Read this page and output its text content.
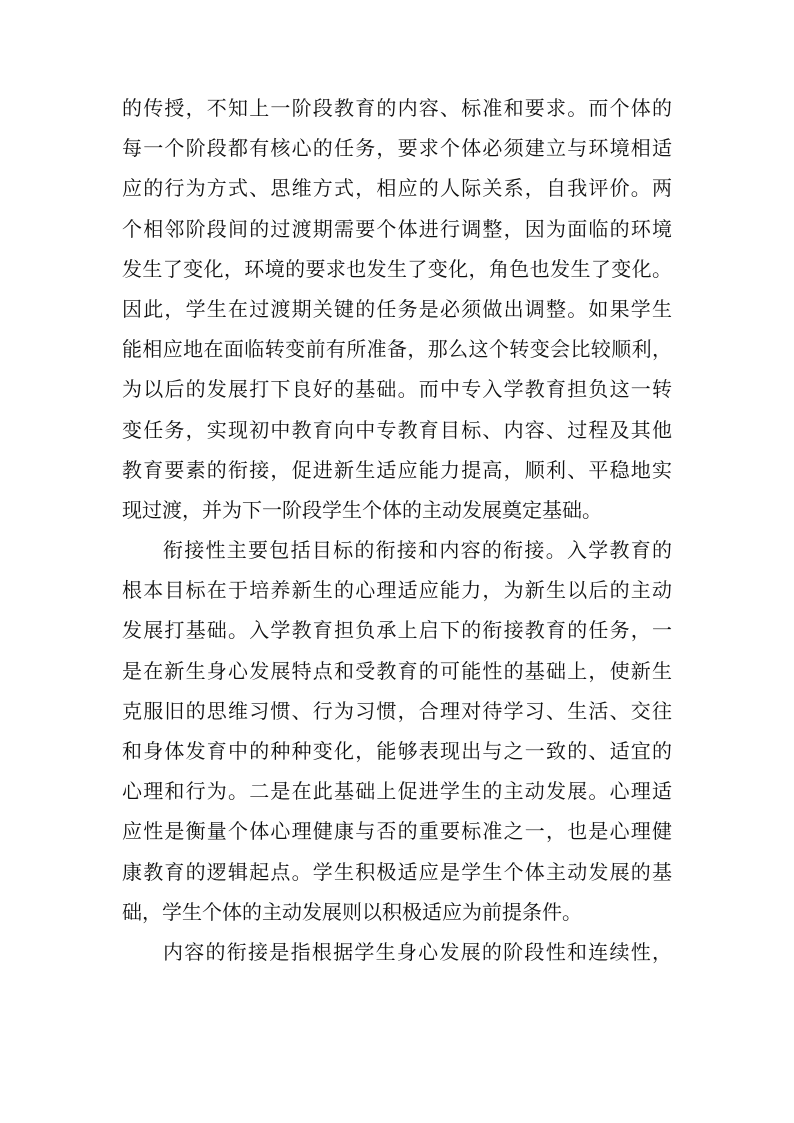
的传授，不知上一阶段教育的内容、标准和要求。而个体的
每一个阶段都有核心的任务，要求个体必须建立与环境相适
应的行为方式、思维方式，相应的人际关系，自我评价。两
个相邻阶段间的过渡期需要个体进行调整，因为面临的环境
发生了变化，环境的要求也发生了变化，角色也发生了变化。
因此，学生在过渡期关键的任务是必须做出调整。如果学生
能相应地在面临转变前有所准备，那么这个转变会比较顺利，
为以后的发展打下良好的基础。而中专入学教育担负这一转
变任务，实现初中教育向中专教育目标、内容、过程及其他
教育要素的衔接，促进新生适应能力提高，顺利、平稳地实
现过渡，并为下一阶段学生个体的主动发展奠定基础。
衔接性主要包括目标的衔接和内容的衔接。入学教育的
根本目标在于培养新生的心理适应能力，为新生以后的主动
发展打基础。入学教育担负承上启下的衔接教育的任务，一
是在新生身心发展特点和受教育的可能性的基础上，使新生
克服旧的思维习惯、行为习惯，合理对待学习、生活、交往
和身体发育中的种种变化，能够表现出与之一致的、适宜的
心理和行为。二是在此基础上促进学生的主动发展。心理适
应性是衡量个体心理健康与否的重要标准之一，也是心理健
康教育的逻辑起点。学生积极适应是学生个体主动发展的基
础，学生个体的主动发展则以积极适应为前提条件。
内容的衔接是指根据学生身心发展的阶段性和连续性，
